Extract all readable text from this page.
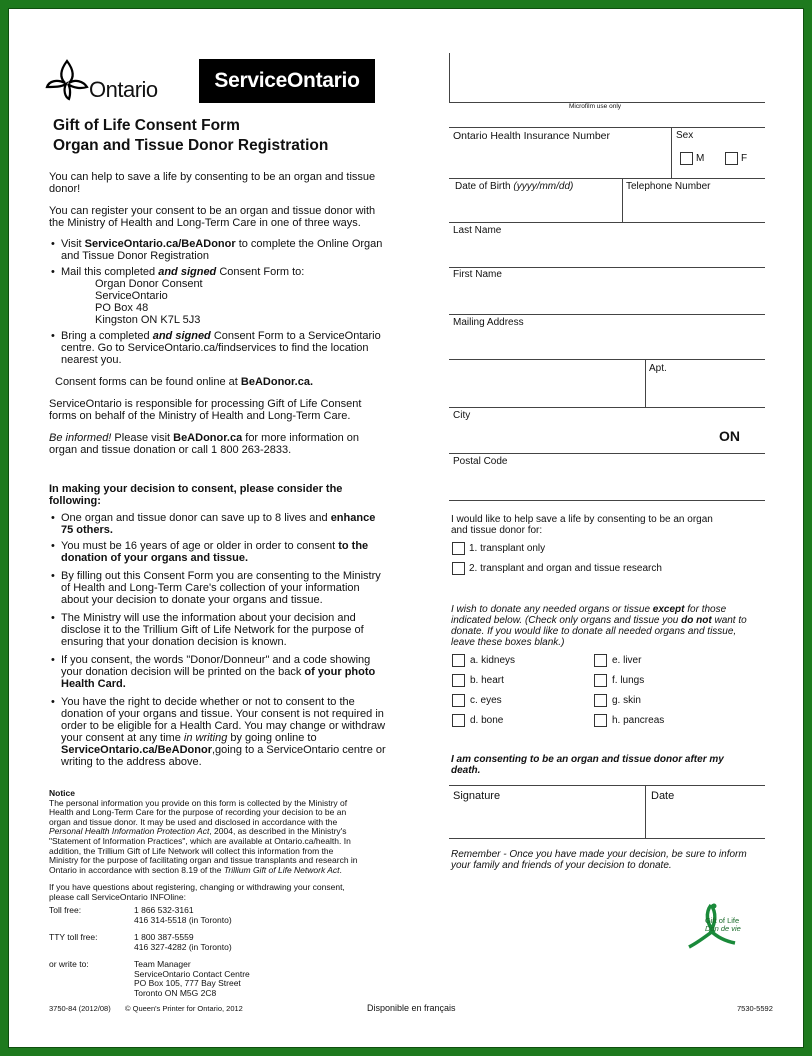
Ontario	ServiceOntario
Gift of Life Consent Form
Organ and Tissue Donor Registration

You can help to save a life by consenting to be an organ and tissue donor!

You can register your consent to be an organ and tissue donor with the Ministry of Health and Long-Term Care in one of three ways.

• Visit ServiceOntario.ca/BeADonor to complete the Online Organ and Tissue Donor Registration

• Mail this completed and signed Consent Form to:

Organ Donor Consent
ServiceOntario
PO Box 48
Kingston ON K7L 5J3

• Bring a completed and signed Consent Form to a ServiceOntario centre. Go to ServiceOntario.ca/findservices to find the location nearest you.

Consent forms can be found online at BeADonor.ca.

ServiceOntario is responsible for processing Gift of Life Consent forms on behalf of the Ministry of Health and Long-Term Care.

Be informed! Please visit BeADonor.ca for more information on organ and tissue donation or call 1 800 263-2833.

In making your decision to consent, please consider the following:

• One organ and tissue donor can save up to 8 lives and enhance 75 others.

• You must be 16 years of age or older in order to consent to the donation of your organs and tissue.

• By filling out this Consent Form you are consenting to the Ministry of Health and Long-Term Care's collection of your information about your decision to donate your organs and tissue.

• The Ministry will use the information about your decision and disclose it to the Trillium Gift of Life Network for the purpose of ensuring that your donation decision is known.

• If you consent, the words "Donor/Donneur" and a code showing your donation decision will be printed on the back of your photo Health Card.

• You have the right to decide whether or not to consent to the donation of your organs and tissue. Your consent is not required in order to be eligible for a Health Card. You may change or withdraw your consent at any time in writing by going online to ServiceOntario.ca/BeADonor,going to a ServiceOntario centre or writing to the address above.

Notice
The personal information you provide on this form is collected by the Ministry of Health and Long-Term Care for the purpose of recording your decision to be an organ and tissue donor. It may be used and disclosed in accordance with the Personal Health Information Protection Act, 2004, as described in the Ministry's "Statement of Information Practices", which are available at Ontario.ca/health. In addition, the Trillium Gift of Life Network will collect this information from the Ministry for the purpose of facilitating organ and tissue transplants and research in Ontario in accordance with section 8.19 of the Trillium Gift of Life Network Act.
If you have questions about registering, changing or withdrawing your consent, please call ServiceOntario INFOline:
Toll free:	1 866 532-3161
416 314-5518 (in Toronto)
TTY toll free:	1 800 387-5559
416 327-4282 (in Toronto)
or write to:	Team Manager
ServiceOntario Contact Centre
PO Box 105, 777 Bay Street
Toronto ON M5G 2C8
3750-84 (2012/08) © Queen's Printer for Ontario, 2012	Disponible en français	7530-5592
Microfilm use only
Ontario Health Insurance Number	Sex
M	F
Date of Birth (yyyy/mm/dd)	Telephone Number
Last Name
First Name
Mailing Address
Apt.
City
ON
Postal Code
I would like to help save a life by consenting to be an organ and tissue donor for:
1. transplant only
2. transplant and organ and tissue research
I wish to donate any needed organs or tissue except for those indicated below. (Check only organs and tissue you do not want to donate. If you would like to donate all needed organs and tissue, leave these boxes blank.)
a. kidneys	e. liver
b. heart	f. lungs
c. eyes	g. skin
d. bone	h. pancreas
I am consenting to be an organ and tissue donor after my death.
Signature	Date
Remember - Once you have made your decision, be sure to inform your family and friends of your decision to donate.
Gift of Life
Don de vie
